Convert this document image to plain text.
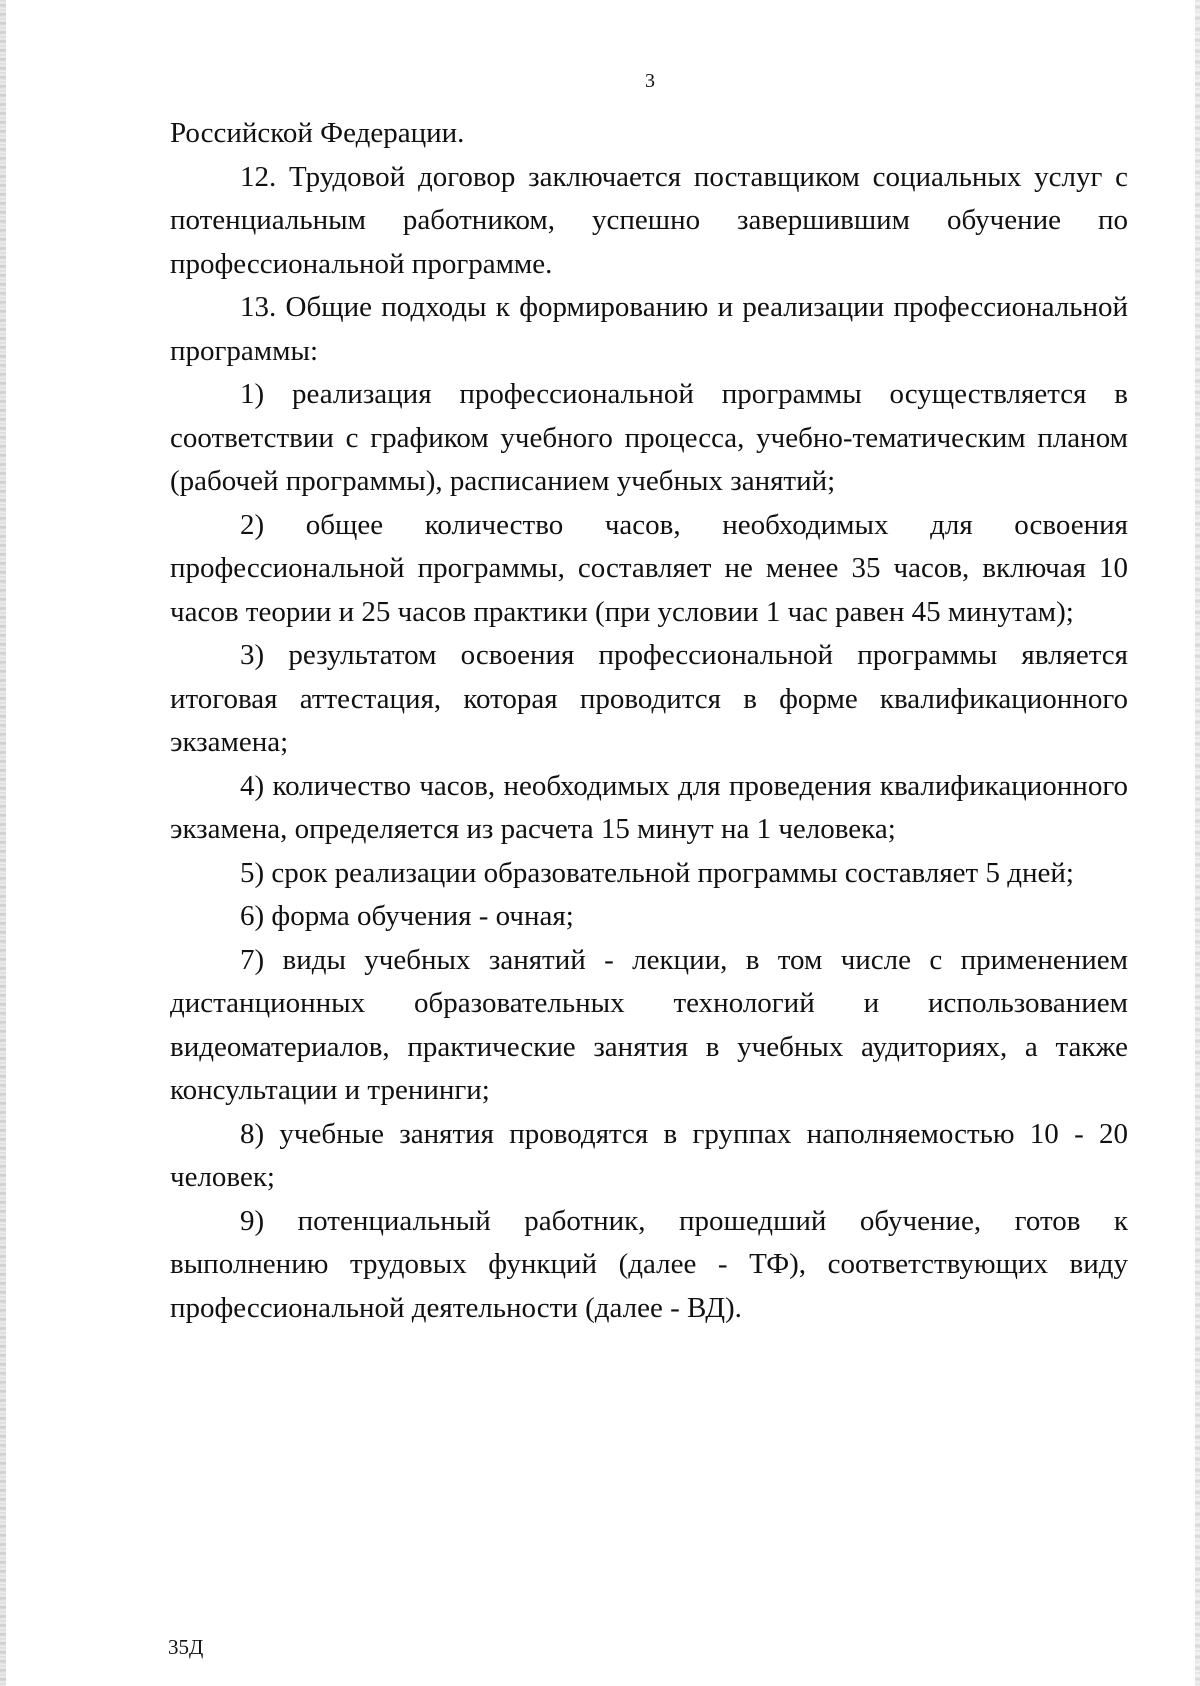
3

Российской Федерации.

12. Трудовой договор заключается поставщиком социальных услуг с потенциальным работником, успешно завершившим обучение по профессиональной программе.

13. Общие подходы к формированию и реализации профессиональной программы:

1) реализация профессиональной программы осуществляется в соответствии с графиком учебного процесса, учебно-тематическим планом (рабочей программы), расписанием учебных занятий;

2) общее количество часов, необходимых для освоения профессиональной программы, составляет не менее 35 часов, включая 10 часов теории и 25 часов практики (при условии 1 час равен 45 минутам);

3) результатом освоения профессиональной программы является итоговая аттестация, которая проводится в форме квалификационного экзамена;

4) количество часов, необходимых для проведения квалификационного экзамена, определяется из расчета 15 минут на 1 человека;

5) срок реализации образовательной программы составляет 5 дней;

6) форма обучения - очная;

7) виды учебных занятий - лекции, в том числе с применением дистанционных образовательных технологий и использованием видеоматериалов, практические занятия в учебных аудиториях, а также консультации и тренинги;

8) учебные занятия проводятся в группах наполняемостью 10 - 20 человек;

9) потенциальный работник, прошедший обучение, готов к выполнению трудовых функций (далее - ТФ), соответствующих виду профессиональной деятельности (далее - ВД).

35Д
